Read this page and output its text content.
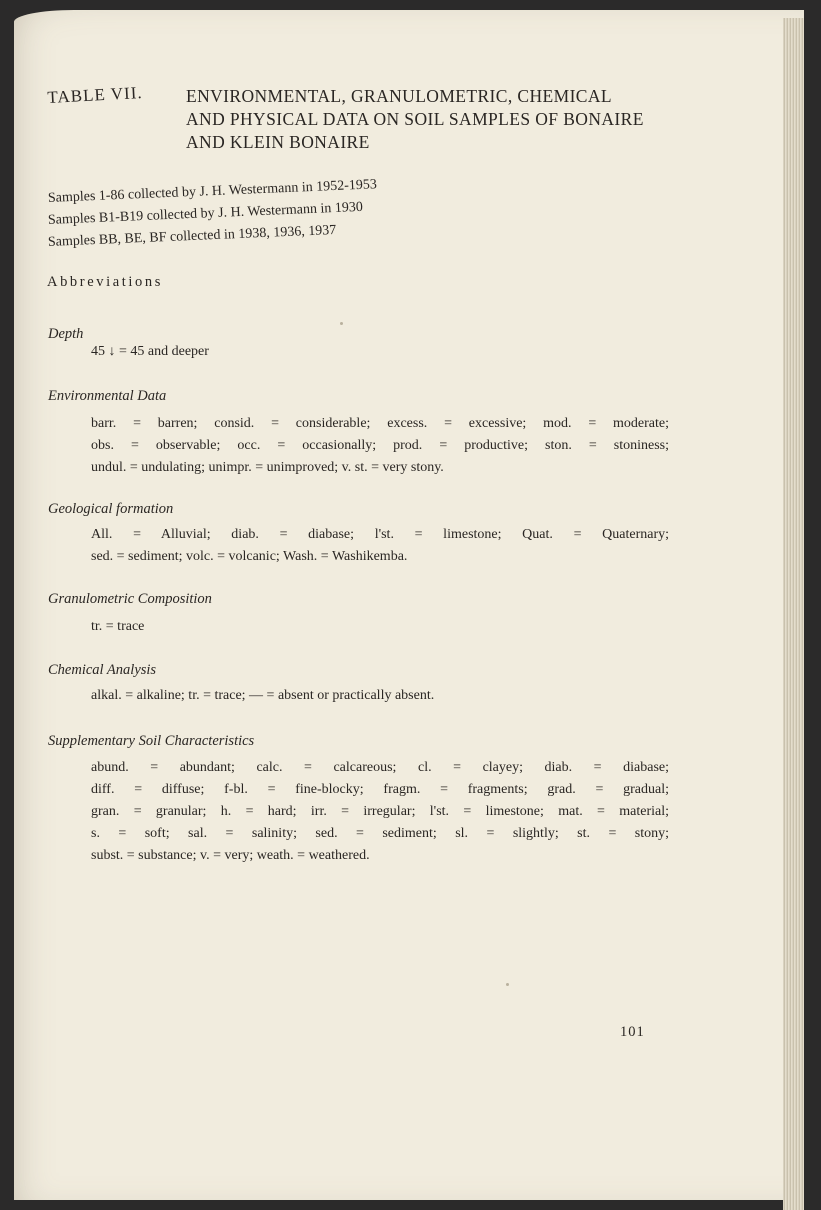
TABLE VII. ENVIRONMENTAL, GRANULOMETRIC, CHEMICAL
AND PHYSICAL DATA ON SOIL SAMPLES OF BONAIRE
AND KLEIN BONAIRE
Samples 1-86 collected by J. H. Westermann in 1952-1953
Samples B1-B19 collected by J. H. Westermann in 1930
Samples BB, BE, BF collected in 1938, 1936, 1937
Abbreviations
Depth
45 ↓ = 45 and deeper
Environmental Data
barr. = barren; consid. = considerable; excess. = excessive; mod. = moderate;
obs. = observable; occ. = occasionally; prod. = productive; ston. = stoniness;
undul. = undulating; unimpr. = unimproved; v. st. = very stony.
Geological formation
All. = Alluvial; diab. = diabase; l'st. = limestone; Quat. = Quaternary;
sed. = sediment; volc. = volcanic; Wash. = Washikemba.
Granulometric Composition
tr. = trace
Chemical Analysis
alkal. = alkaline; tr. = trace; — = absent or practically absent.
Supplementary Soil Characteristics
abund. = abundant; calc. = calcareous; cl. = clayey; diab. = diabase;
diff. = diffuse; f-bl. = fine-blocky; fragm. = fragments; grad. = gradual;
gran. = granular; h. = hard; irr. = irregular; l'st. = limestone; mat. = material;
s. = soft; sal. = salinity; sed. = sediment; sl. = slightly; st. = stony;
subst. = substance; v. = very; weath. = weathered.
101
